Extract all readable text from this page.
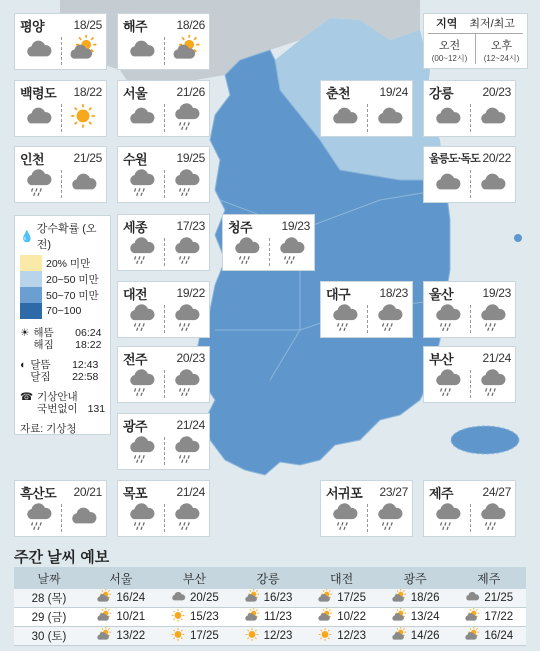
평양 18/25 해주 18/26
백령도 18/22 서울 21/26	춘천 19/24 강릉 20/23
인천 21/25 수원 19/25	울릉도·독도 20/22
세종 17/23 청주 19/23
대전 19/22	대구 18/23 울산 19/23
전주 20/23	부산 21/24
광주 21/24
흑산도 20/21 목포 21/24	서귀포 23/27 제주 24/27
지역 최저/최고
오전
(00~12시)
오후
(12~24시)
💧
강수확률 (오전)
20% 미만
20~50 미만
50~70 미만
70~100
☀ 해뜸 06:24
해짐 18:22
◐ 달뜸 12:43
달짐 22:58
☎ 기상안내
국번없이 131
자료: 기상청
주간 날씨 예보
날짜	서울	부산	강릉	대전	광주	제주
28 (목)	16/24	20/25	16/23	17/25	18/26	21/25
29 (금)	10/21	15/23	11/23	10/22	13/24	17/22
30 (토)	13/22	17/25	12/23	12/23	14/26	16/24
